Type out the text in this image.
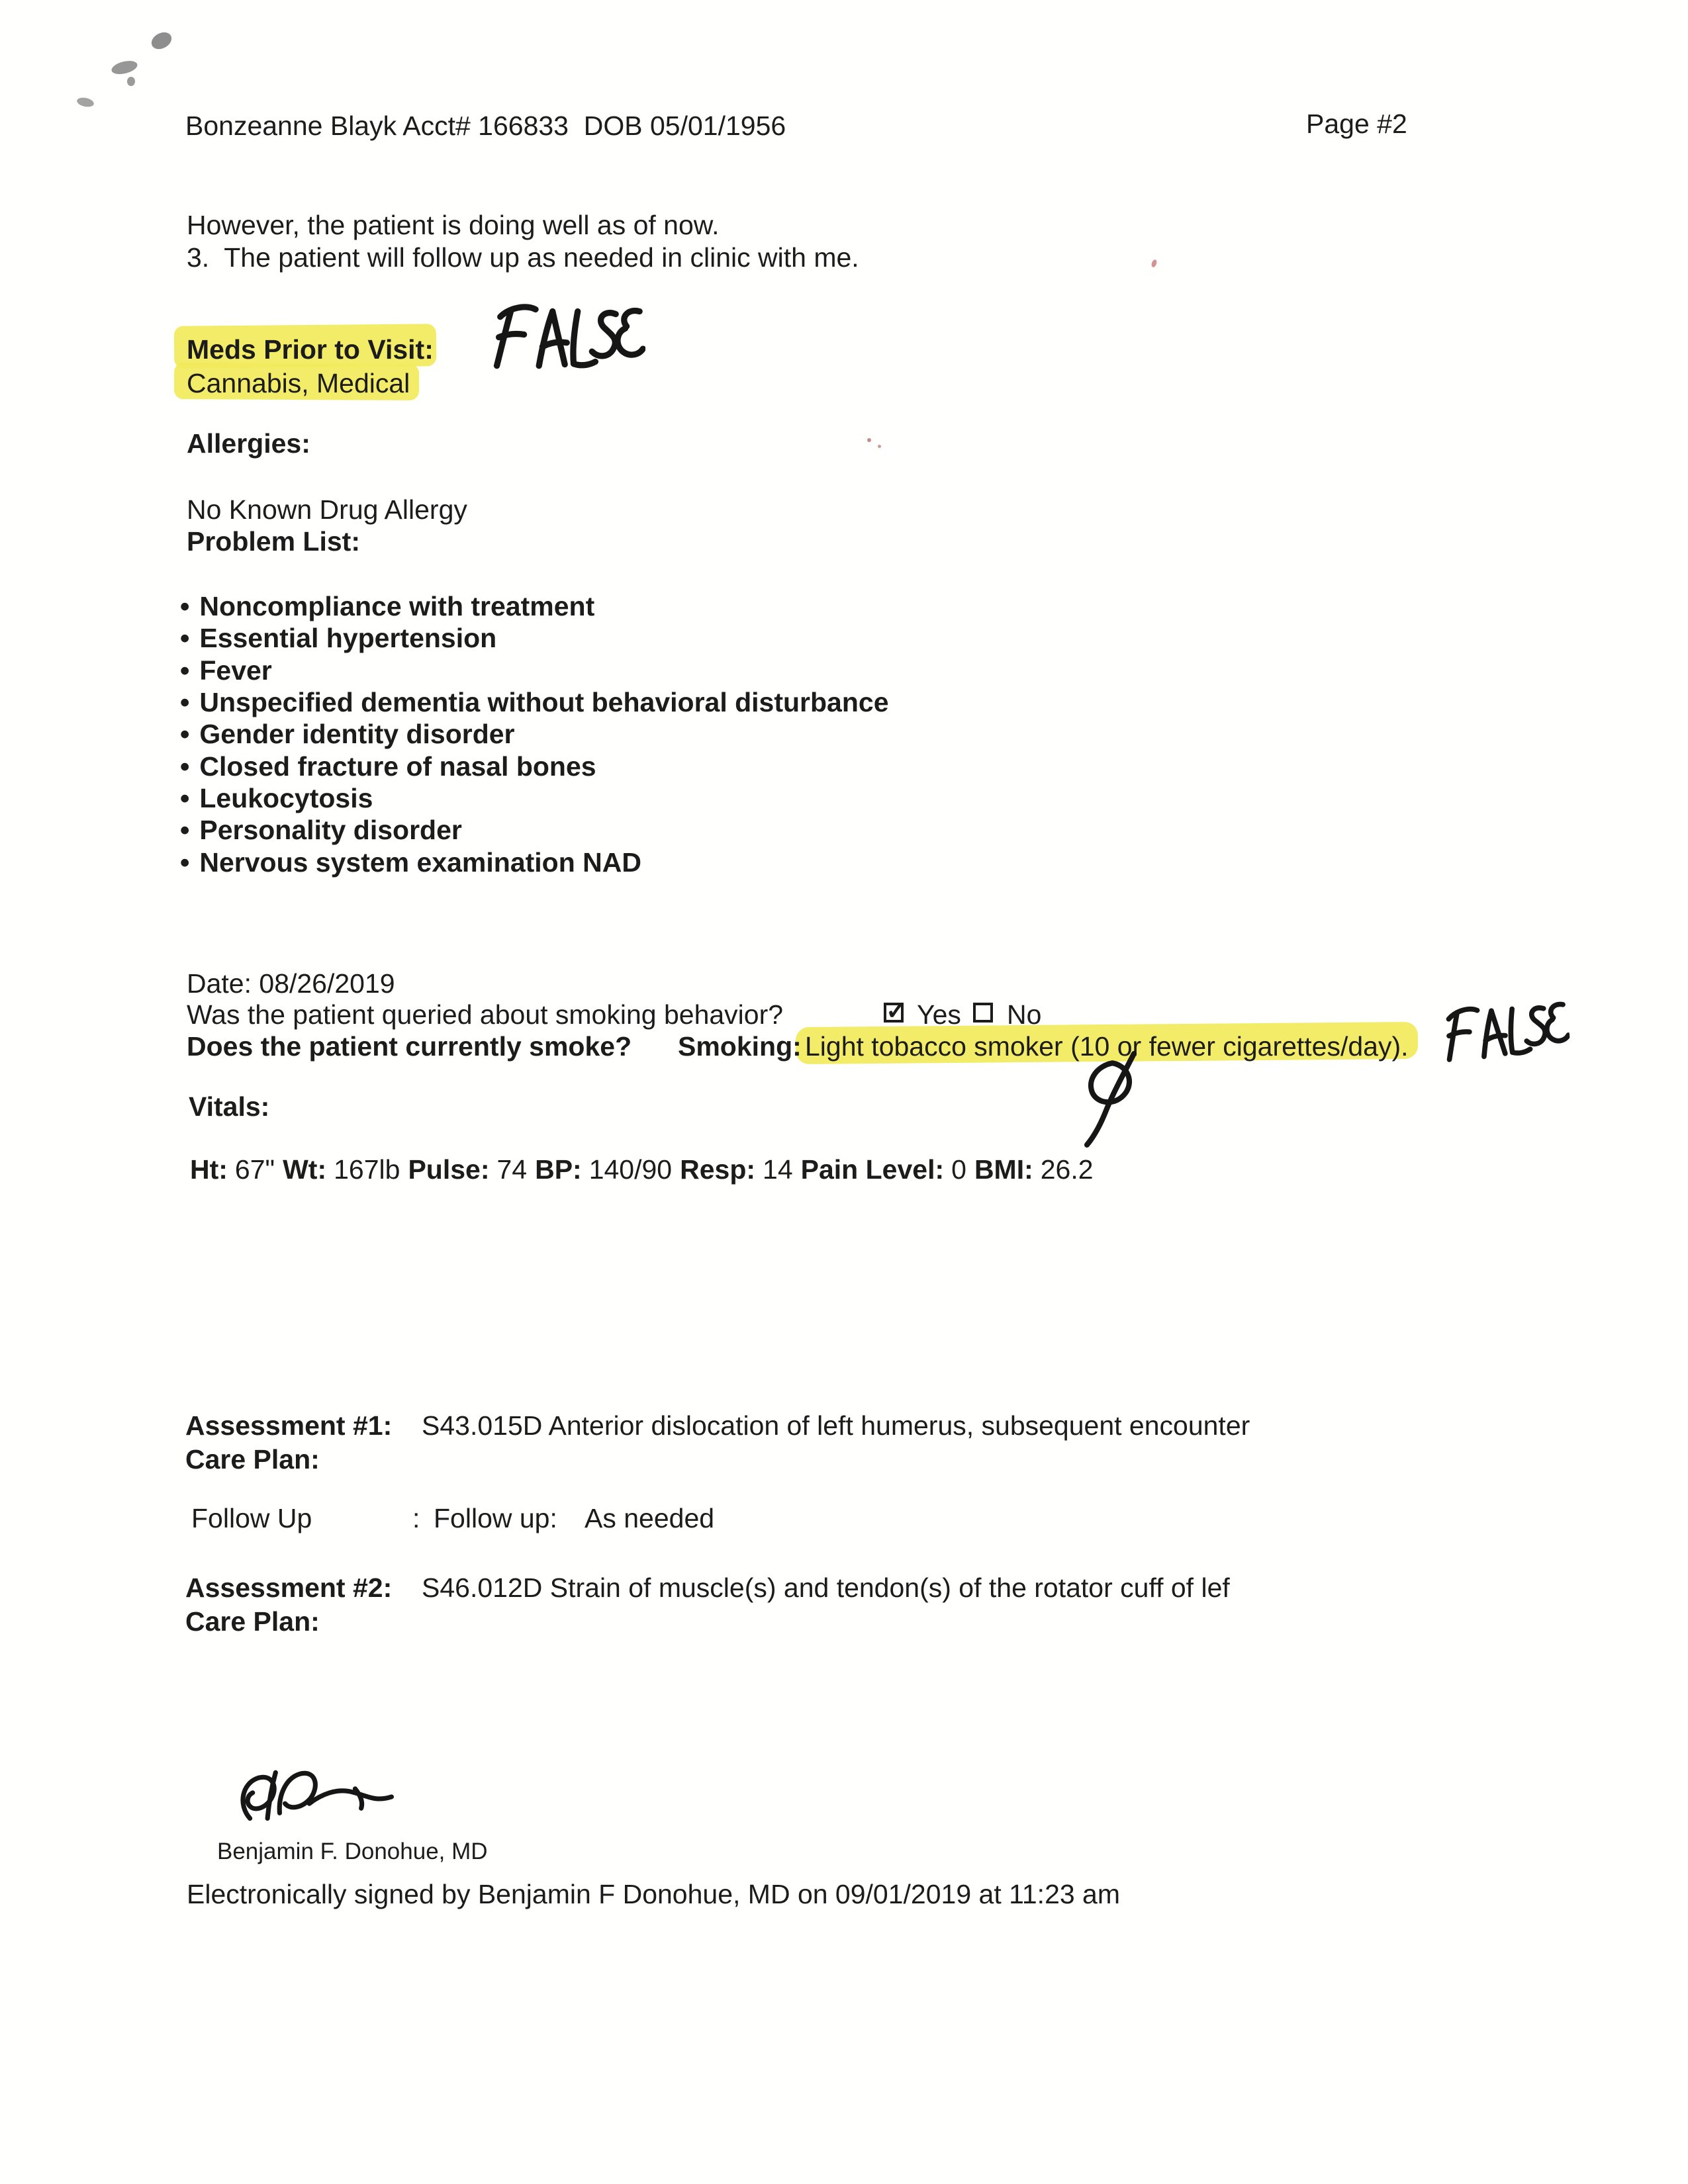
Bonzeanne Blayk Acct# 166833  DOB 05/01/1956	Page #2
However, the patient is doing well as of now.
3.  The patient will follow up as needed in clinic with me.
Meds Prior to Visit:
Cannabis, Medical
Allergies:
No Known Drug Allergy
Problem List:
• Noncompliance with treatment
• Essential hypertension
• Fever
• Unspecified dementia without behavioral disturbance
• Gender identity disorder
• Closed fracture of nasal bones
• Leukocytosis
• Personality disorder
• Nervous system examination NAD
Date: 08/26/2019
Was the patient queried about smoking behavior?	✓ Yes No
Does the patient currently smoke? Smoking: Light tobacco smoker (10 or fewer cigarettes/day).
Vitals:
Ht: 67" Wt: 167lb Pulse: 74 BP: 140/90 Resp: 14 Pain Level: 0 BMI: 26.2
Assessment #1: S43.015D Anterior dislocation of left humerus, subsequent encounter
Care Plan:
Follow Up	: Follow up: As needed
Assessment #2: S46.012D Strain of muscle(s) and tendon(s) of the rotator cuff of lef
Care Plan:
Benjamin F. Donohue, MD
Electronically signed by Benjamin F Donohue, MD on 09/01/2019 at 11:23 am
